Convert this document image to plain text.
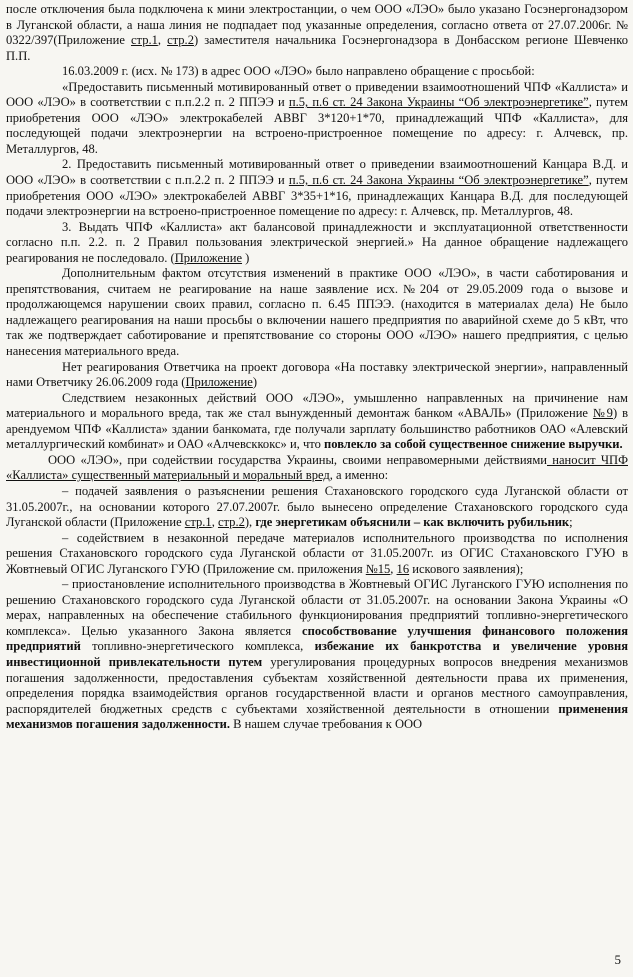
после отключения была подключена к мини электростанции, о чем ООО «ЛЭО» было указано Госэнергонадзором в Луганской области, а наша линия не подпадает под указанные определения, согласно ответа от 27.07.2006г. № 0322/397(Приложение стр.1, стр.2) заместителя начальника Госэнергонадзора в Донбасском регионе Шевченко П.П.

16.03.2009 г. (исх. № 173) в адрес ООО «ЛЭО» было направлено обращение с просьбой:

«Предоставить письменный мотивированный ответ о приведении взаимоотношений ЧПФ «Каллиста» и ООО «ЛЭО» в соответствии с п.п.2.2 п. 2 ППЭЭ и п.5, п.6 ст. 24 Закона Украины “Об электроэнергетике”, путем приобретения ООО «ЛЭО» электрокабелей АВВГ 3*120+1*70, принадлежащий ЧПФ «Каллиста», для последующей подачи электроэнергии на встроено-пристроенное помещение по адресу: г. Алчевск, пр. Металлургов, 48.

2. Предоставить письменный мотивированный ответ о приведении взаимоотношений Канцара В.Д. и ООО «ЛЭО» в соответствии с п.п.2.2 п. 2 ППЭЭ и п.5, п.6 ст. 24 Закона Украины “Об электроэнергетике”, путем приобретения ООО «ЛЭО» электрокабелей АВВГ 3*35+1*16, принадлежащих Канцара В.Д. для последующей подачи электроэнергии на встроено-пристроенное помещение по адресу: г. Алчевск, пр. Металлургов, 48.

3. Выдать ЧПФ «Каллиста» акт балансовой принадлежности и эксплуатационной ответственности согласно п.п. 2.2. п. 2 Правил пользования электрической энергией.» На данное обращение надлежащего реагирования не последовало. (Приложение )

Дополнительным фактом отсутствия изменений в практике ООО «ЛЭО», в части саботирования и препятствования, считаем не реагирование на наше заявление исх.№204 от 29.05.2009 года о вызове и продолжающемся нарушении своих правил, согласно п. 6.45 ППЭЭ. (находится в материалах дела) Не было надлежащего реагирования на наши просьбы о включении нашего предприятия по аварийной схеме до 5 кВт, что так же подтверждает саботирование и препятствование со стороны ООО «ЛЭО» нашего предприятия, с целью нанесения материального вреда.

Нет реагирования Ответчика на проект договора «На поставку электрической энергии», направленный нами Ответчику 26.06.2009 года (Приложение)

Следствием незаконных действий ООО «ЛЭО», умышленно направленных на причинение нам материального и морального вреда, так же стал вынужденный демонтаж банком «АВАЛЬ» (Приложение №9) в арендуемом ЧПФ «Каллиста» здании банкомата, где получали зарплату большинство работников ОАО «Алевский металлургический комбинат» и ОАО «Алчевсккокс» и, что повлекло за собой существенное снижение выручки.

ООО «ЛЭО», при содействии государства Украины, своими неправомерными действиями наносит ЧПФ «Каллиста» существенный материальный и моральный вред, а именно:

– подачей заявления о разъяснении решения Стахановского городского суда Луганской области от 31.05.2007г., на основании которого 27.07.2007г. было вынесено определение Стахановского городского суда Луганской области (Приложение стр.1, стр.2), где энергетикам объяснили – как включить рубильник;

– содействием в незаконной передаче материалов исполнительного производства по исполнения решения Стахановского городского суда Луганской области от 31.05.2007г. из ОГИС Стахановского ГУЮ в Жовтневый ОГИС Луганского ГУЮ (Приложение см. приложения №15, 16 искового заявления);

– приостановление исполнительного производства в Жовтневый ОГИС Луганского ГУЮ исполнения по решению Стахановского городского суда Луганской области от 31.05.2007г. на основании Закона Украины «О мерах, направленных на обеспечение стабильного функционирования предприятий топливно-энергетического комплекса». Целью указанного Закона является способствование улучшения финансового положения предприятий топливно-энергетического комплекса, избежание их банкротства и увеличение уровня инвестиционной привлекательности путем урегулирования процедурных вопросов внедрения механизмов погашения задолженности, предоставления субъектам хозяйственной деятельности права их применения, определения порядка взаимодействия органов государственной власти и органов местного самоуправления, распорядителей бюджетных средств с субъектами хозяйственной деятельности в отношении применения механизмов погашения задолженности. В нашем случае требования к ООО

5
